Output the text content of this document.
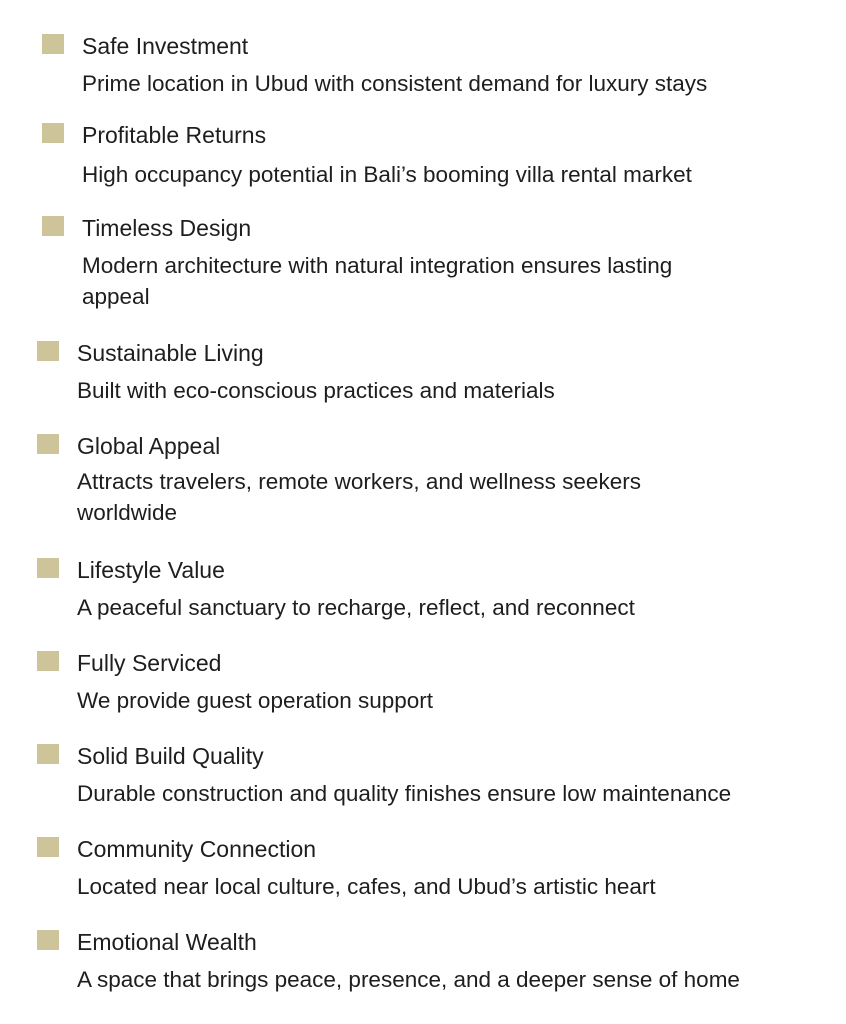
Safe Investment
Prime location in Ubud with consistent demand for luxury stays
Profitable Returns
High occupancy potential in Bali’s booming villa rental market
Timeless Design
Modern architecture with natural integration ensures lasting appeal
Sustainable Living
Built with eco-conscious practices and materials
Global Appeal
Attracts travelers, remote workers, and wellness seekers worldwide
Lifestyle Value
A peaceful sanctuary to recharge, reflect, and reconnect
Fully Serviced
We provide guest operation support
Solid Build Quality
Durable construction and quality finishes ensure low maintenance
Community Connection
Located near local culture, cafes, and Ubud’s artistic heart
Emotional Wealth
A space that brings peace, presence, and a deeper sense of home
